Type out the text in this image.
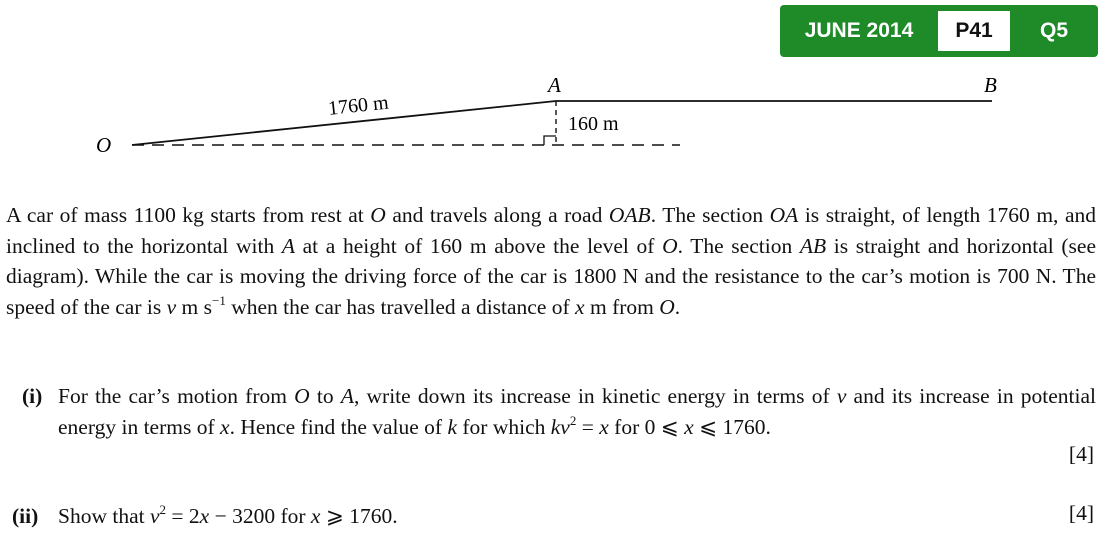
JUNE 2014	P41	Q5
O
A	B
1760 m
160 m
A car of mass 1100 kg starts from rest at O and travels along a road OAB. The section OA is straight, of length 1760 m, and inclined to the horizontal with A at a height of 160 m above the level of O. The section AB is straight and horizontal (see diagram). While the car is moving the driving force of the car is 1800 N and the resistance to the car’s motion is 700 N. The speed of the car is v m $s^{-1}$ when the car has travelled a distance of x m from O.
(i) For the car’s motion from O to A, write down its increase in kinetic energy in terms of v and its increase in potential energy in terms of x. Hence find the value of k for which $kv^2 = x$ for 0 ⩽ x ⩽ 1760.
[4]
(ii) Show that $v^2 = 2x - 3200$ for x ⩾ 1760.	[4]
